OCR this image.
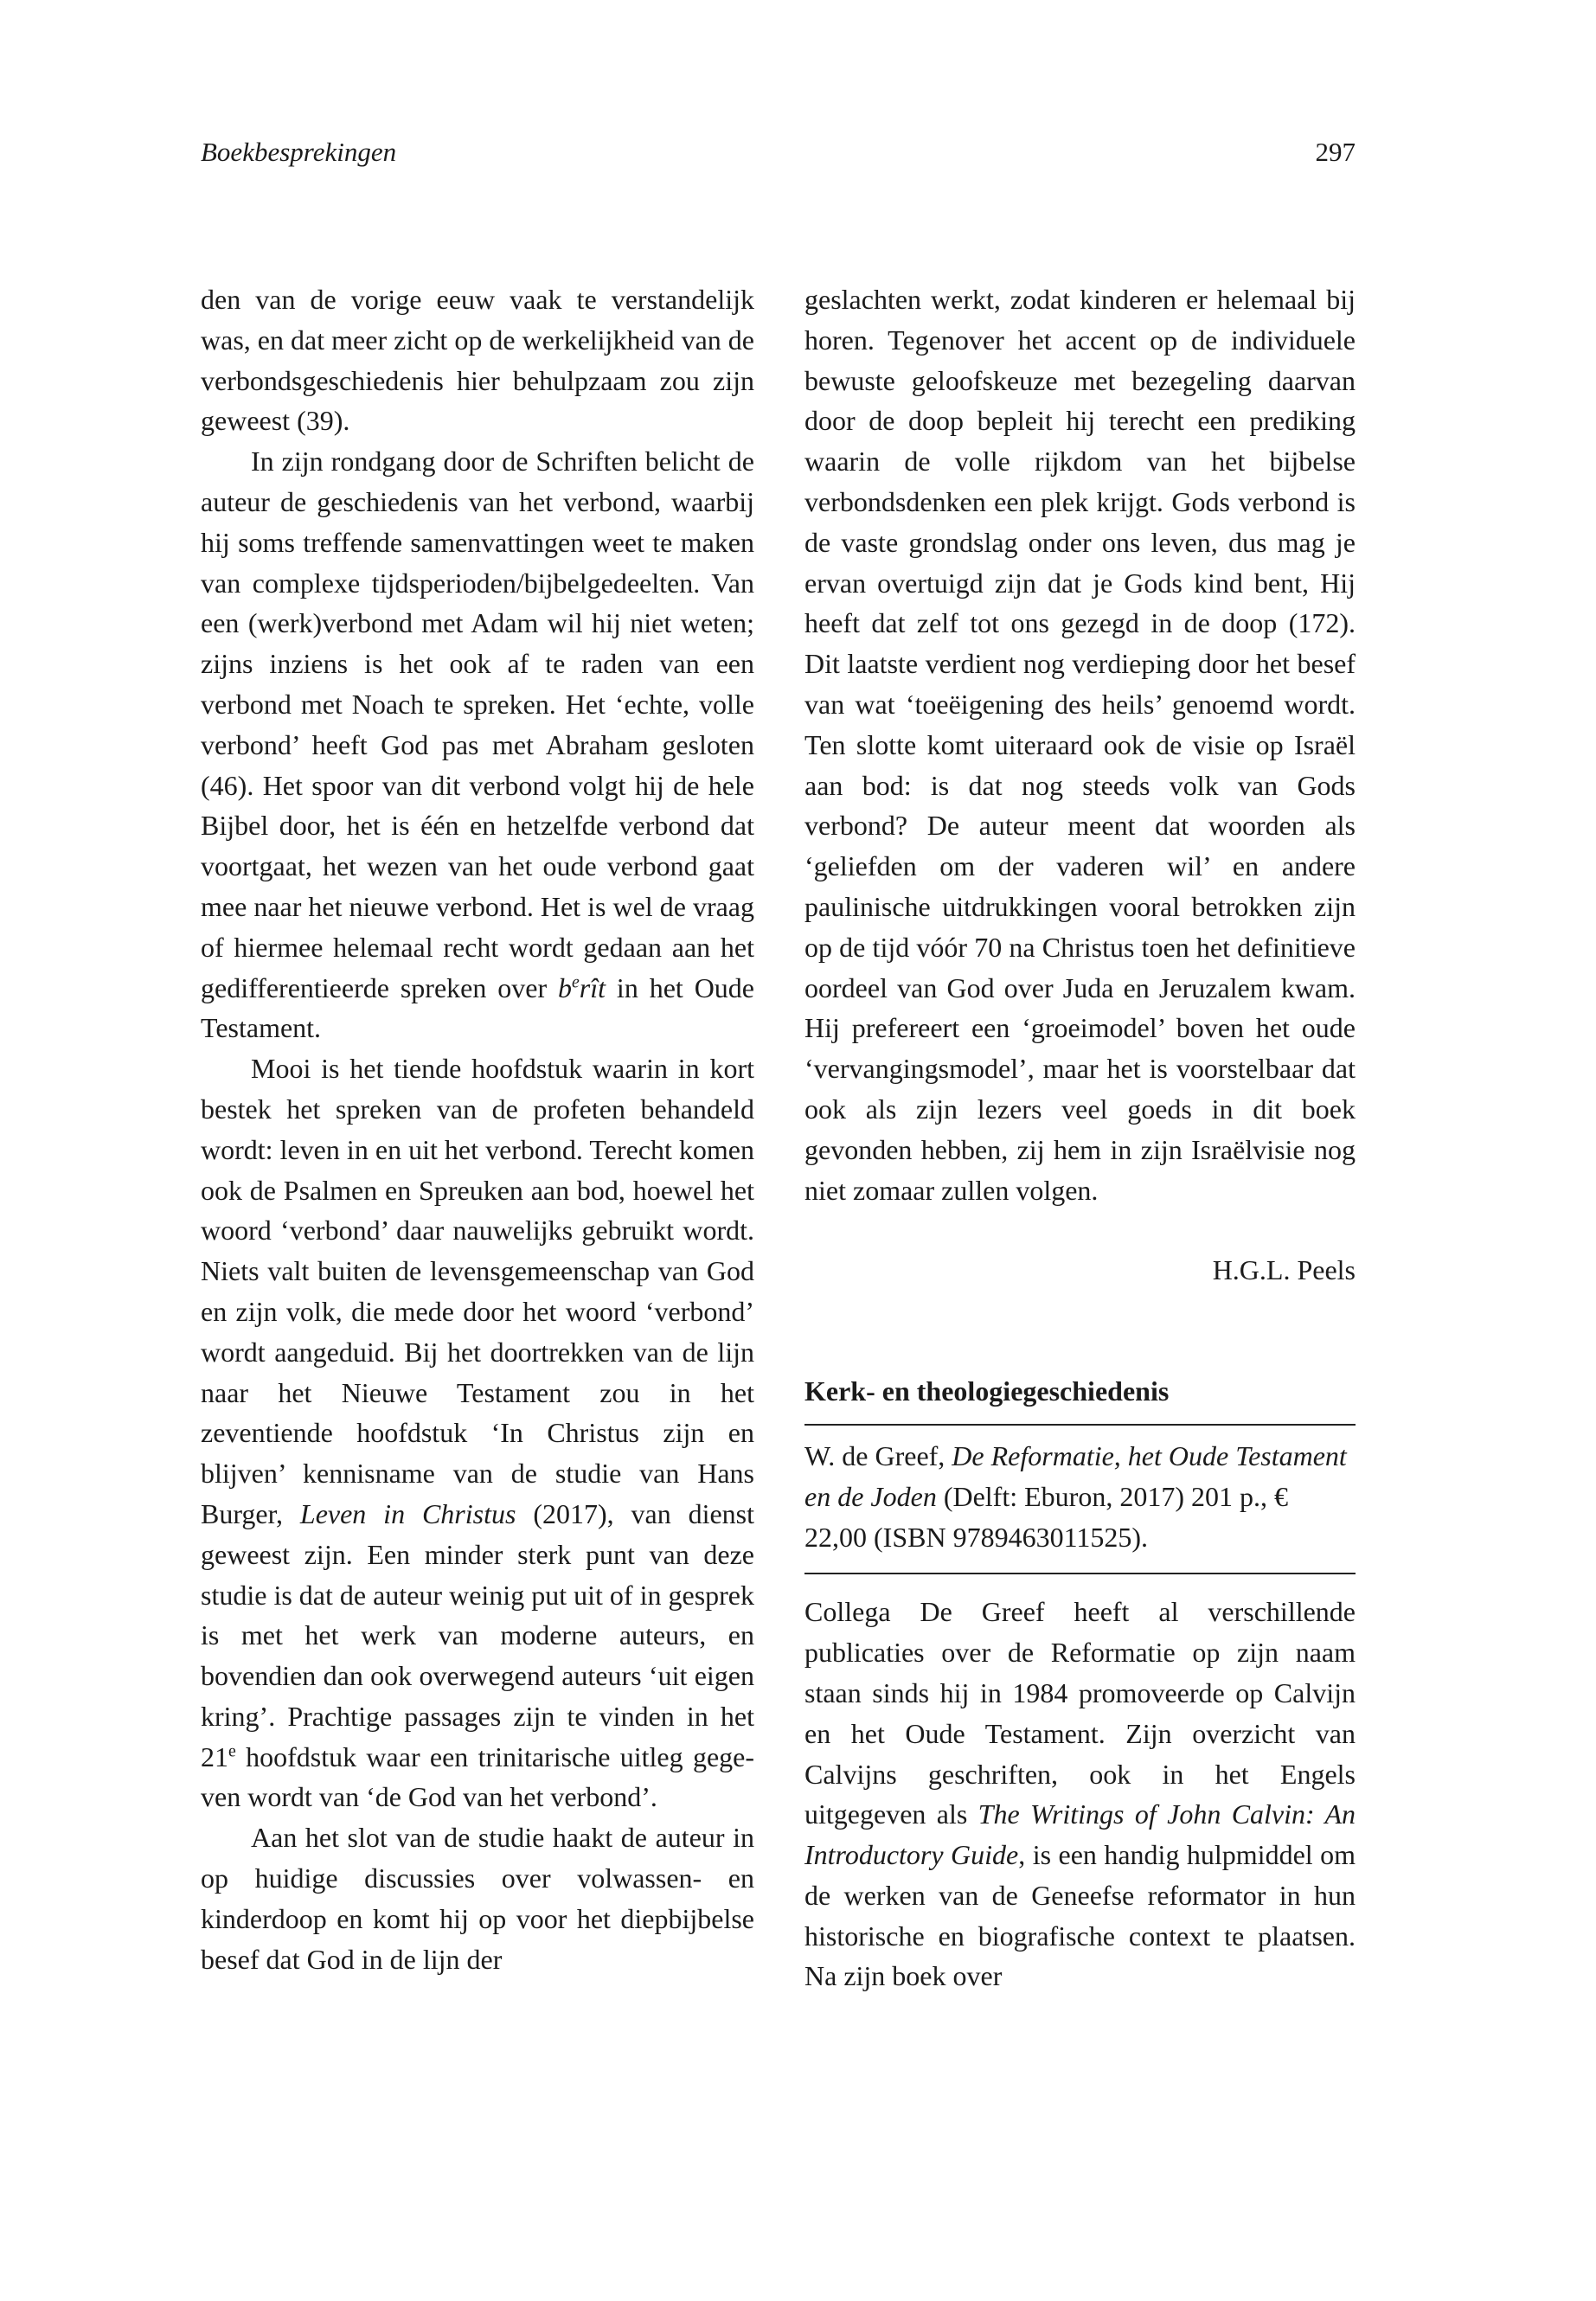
Boekbesprekingen	297

den van de vorige eeuw vaak te verstandelijk was, en dat meer zicht op de werkelijkheid van de verbondsgeschiedenis hier behulpzaam zou zijn geweest (39).

In zijn rondgang door de Schriften belicht de auteur de geschiedenis van het verbond, waarbij hij soms treffende samenvattingen weet te maken van complexe tijdsperioden/bijbelgedeelten. Van een (werk)verbond met Adam wil hij niet weten; zijns inziens is het ook af te raden van een verbond met Noach te spreken. Het ‘echte, volle verbond’ heeft God pas met Abraham gesloten (46). Het spoor van dit verbond volgt hij de hele Bijbel door, het is één en hetzelfde verbond dat voortgaat, het wezen van het oude verbond gaat mee naar het nieuwe verbond. Het is wel de vraag of hiermee helemaal recht wordt gedaan aan het gedifferentieerde spreken over $b^erît$ in het Oude Testament.

Mooi is het tiende hoofdstuk waarin in kort bestek het spreken van de profeten behandeld wordt: leven in en uit het verbond. Terecht komen ook de Psalmen en Spreuken aan bod, hoewel het woord ‘verbond’ daar nauwelijks gebruikt wordt. Niets valt buiten de levensgemeenschap van God en zijn volk, die mede door het woord ‘verbond’ wordt aangeduid. Bij het doortrekken van de lijn naar het Nieuwe Testament zou in het zeventiende hoofdstuk ‘In Christus zijn en blijven’ kennisname van de studie van Hans Burger, Leven in Christus (2017), van dienst geweest zijn. Een minder sterk punt van deze studie is dat de auteur weinig put uit of in gesprek is met het werk van moderne auteurs, en bovendien dan ook overwegend auteurs ‘uit eigen kring’. Prachtige passages zijn te vinden in het 21e hoofdstuk waar een trinitarische uitleg gegeven wordt van ‘de God van het verbond’.

Aan het slot van de studie haakt de auteur in op huidige discussies over volwassen- en kinderdoop en komt hij op voor het diepbijbelse besef dat God in de lijn der

geslachten werkt, zodat kinderen er helemaal bij horen. Tegenover het accent op de individuele bewuste geloofskeuze met bezegeling daarvan door de doop bepleit hij terecht een prediking waarin de volle rijkdom van het bijbelse verbondsdenken een plek krijgt. Gods verbond is de vaste grondslag onder ons leven, dus mag je ervan overtuigd zijn dat je Gods kind bent, Hij heeft dat zelf tot ons gezegd in de doop (172). Dit laatste verdient nog verdieping door het besef van wat ‘toeëigening des heils’ genoemd wordt. Ten slotte komt uiteraard ook de visie op Israël aan bod: is dat nog steeds volk van Gods verbond? De auteur meent dat woorden als ‘geliefden om der vaderen wil’ en andere paulinische uitdrukkingen vooral betrokken zijn op de tijd vóór 70 na Christus toen het definitieve oordeel van God over Juda en Jeruzalem kwam. Hij prefereert een ‘groeimodel’ boven het oude ‘vervangingsmodel’, maar het is voorstelbaar dat ook als zijn lezers veel goeds in dit boek gevonden hebben, zij hem in zijn Israëlvisie nog niet zomaar zullen volgen.

H.G.L. Peels

Kerk- en theologiegeschiedenis

W. de Greef, De Reformatie, het Oude Testament en de Joden (Delft: Eburon, 2017) 201 p., € 22,00 (ISBN 9789463011525).

Collega De Greef heeft al verschillende publicaties over de Reformatie op zijn naam staan sinds hij in 1984 promoveerde op Calvijn en het Oude Testament. Zijn overzicht van Calvijns geschriften, ook in het Engels uitgegeven als The Writings of John Calvin: An Introductory Guide, is een handig hulpmiddel om de werken van de Geneefse reformator in hun historische en biografische context te plaatsen. Na zijn boek over
